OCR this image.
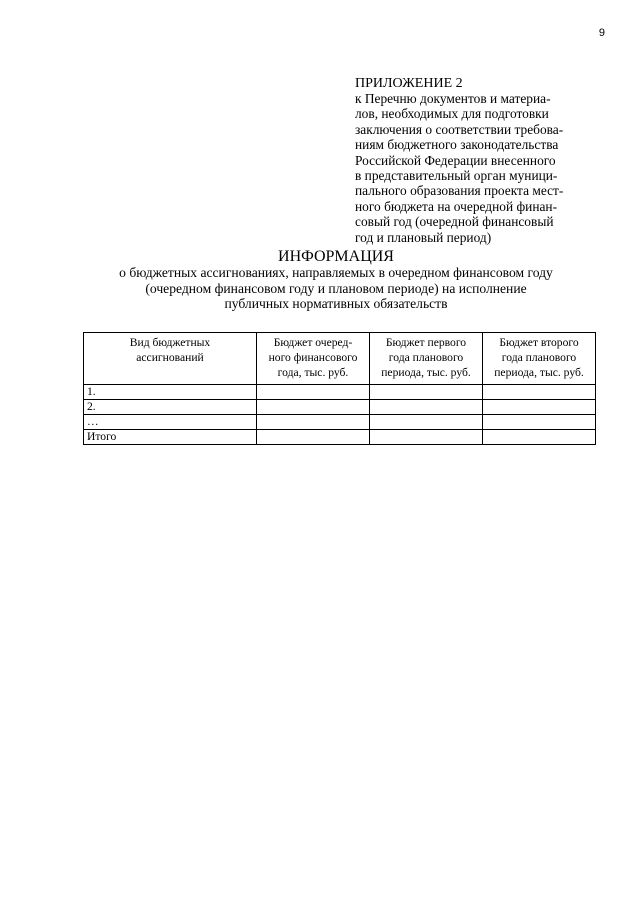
9
ПРИЛОЖЕНИЕ 2
к Перечню документов и материа-
лов, необходимых для подготовки
заключения о соответствии требова-
ниям бюджетного законодательства
Российской Федерации внесенного
в представительный орган муници-
пального образования проекта мест-
ного бюджета на очередной финан-
совый год (очередной финансовый
год и плановый период)
ИНФОРМАЦИЯ
о бюджетных ассигнованиях, направляемых в очередном финансовом году
(очередном финансовом году и плановом периоде) на исполнение
публичных нормативных обязательств
Вид бюджетных
ассигнований	Бюджет очеред-
ного финансового
года, тыс. руб.	Бюджет первого
года планового
периода, тыс. руб.	Бюджет второго
года планового
периода, тыс. руб.

1.			
2.			
…			
Итого			
